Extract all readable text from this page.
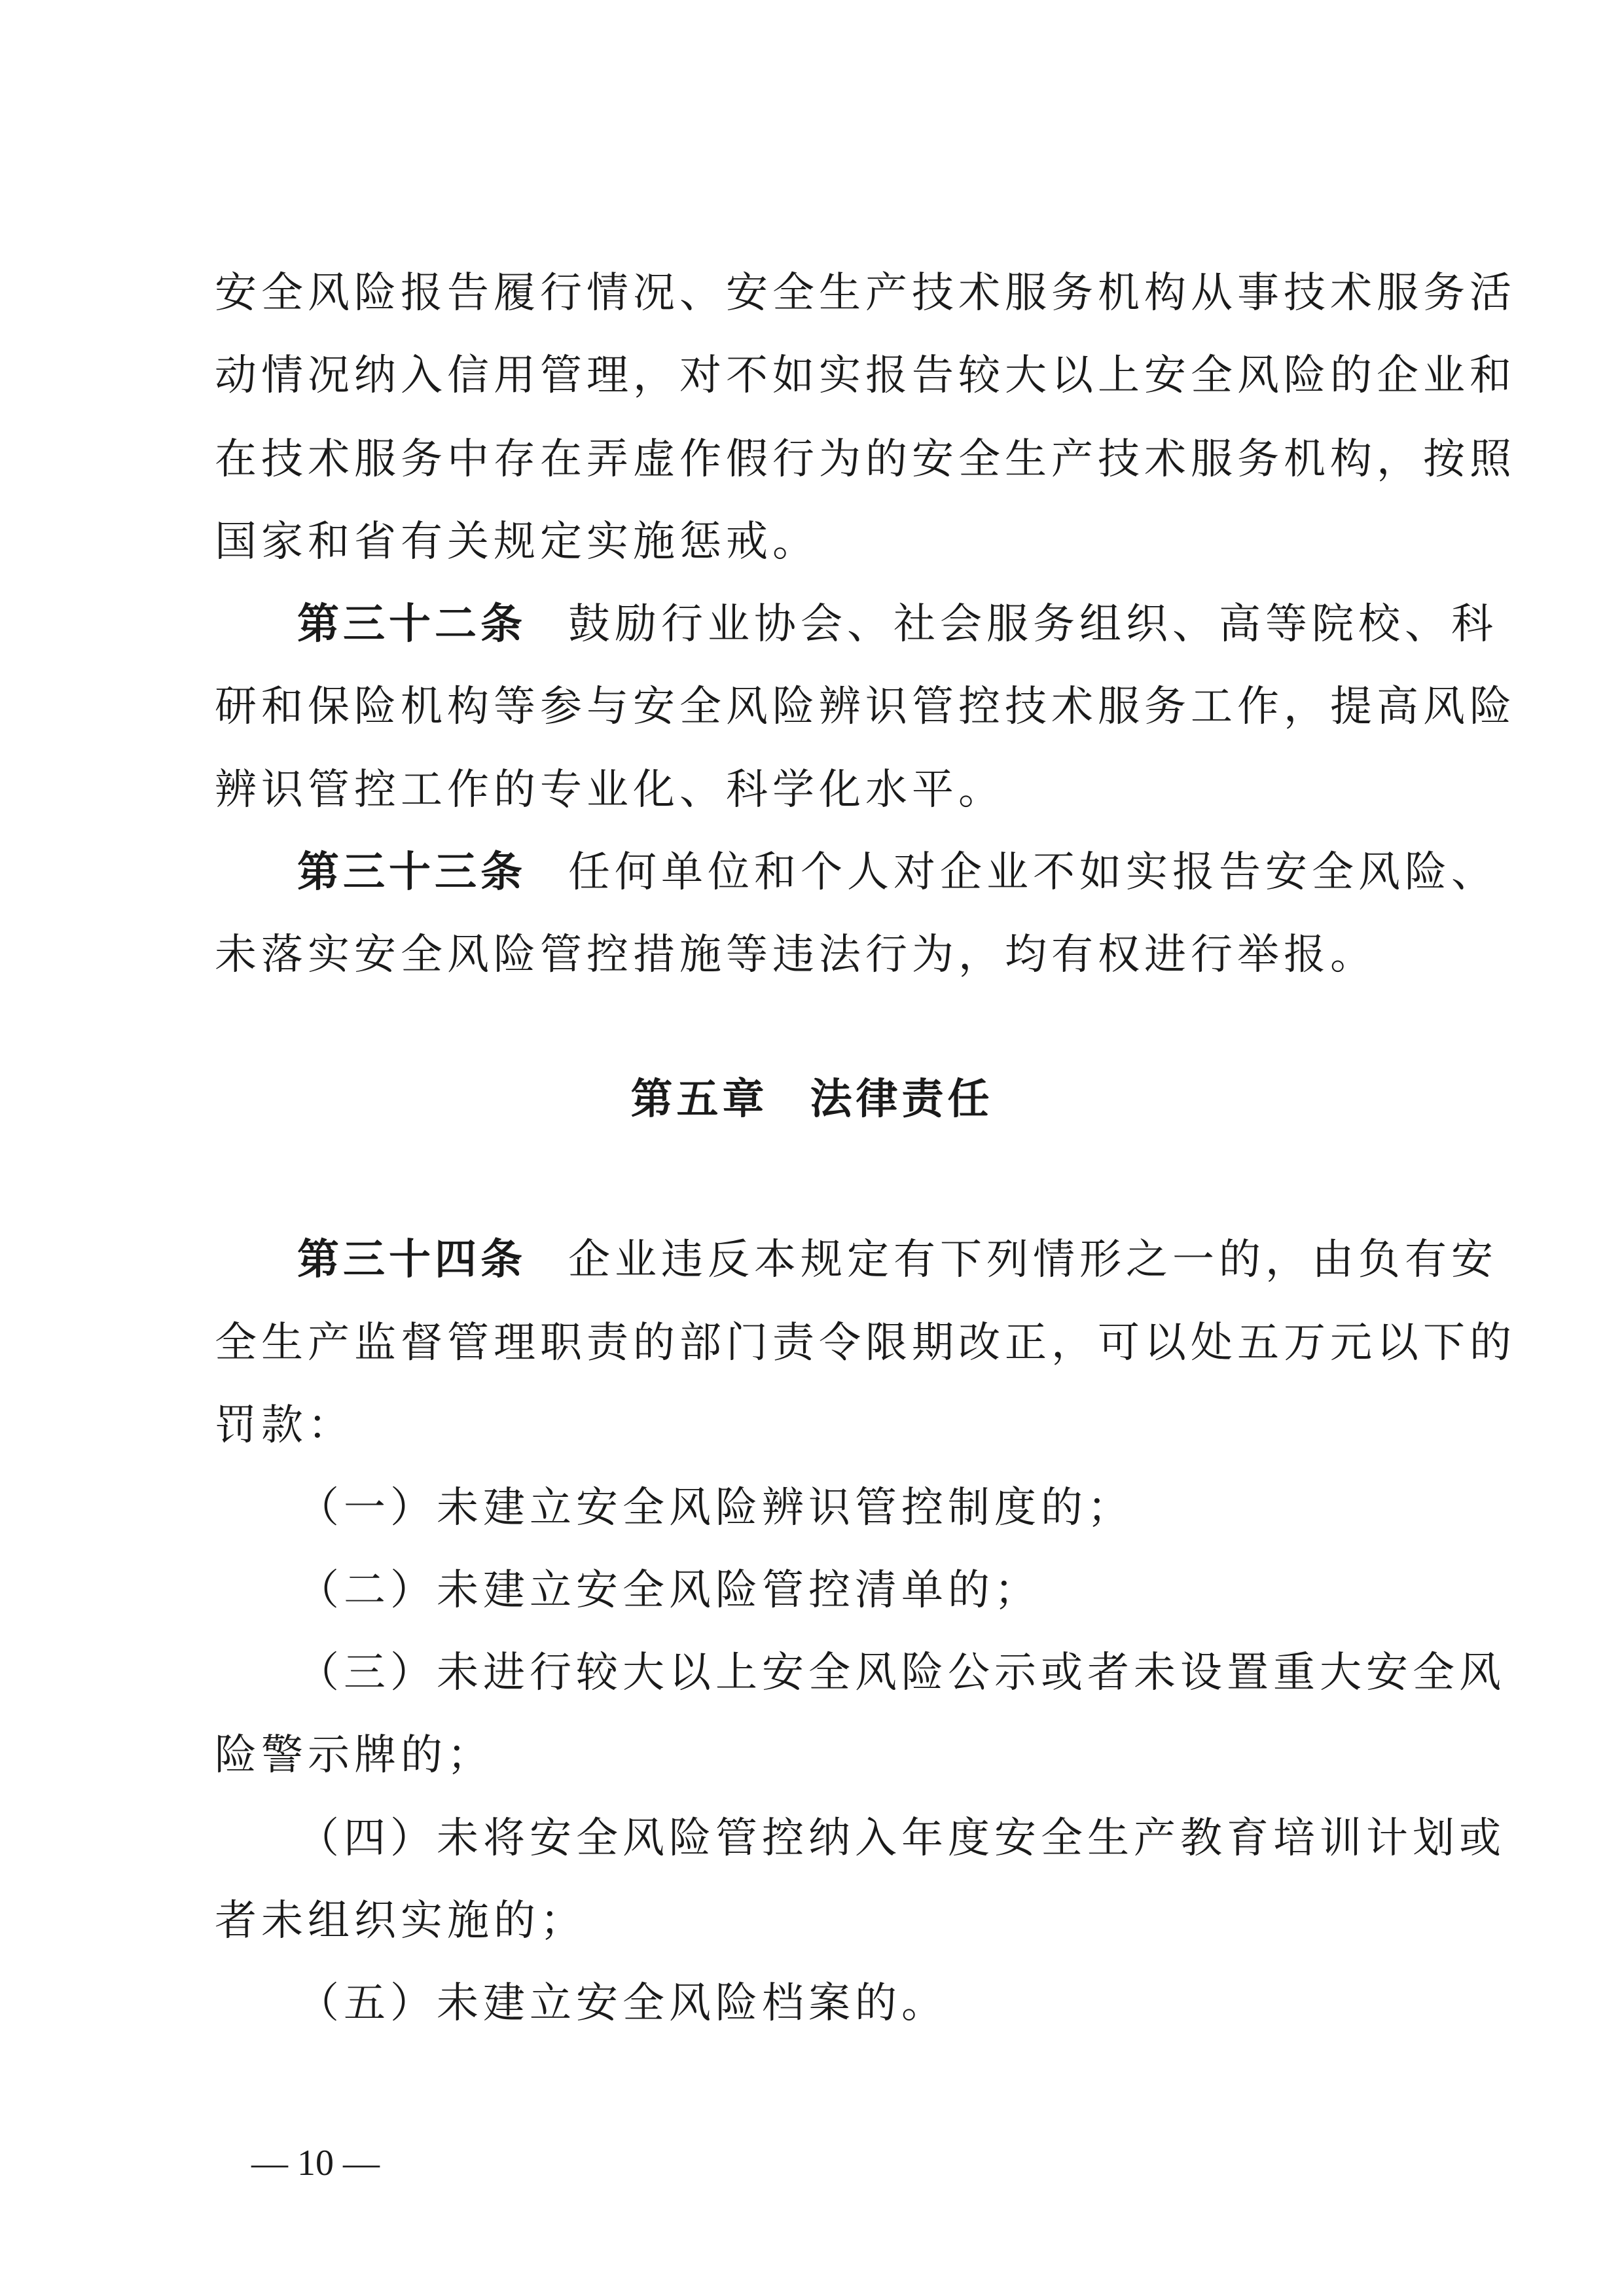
安全风险报告履行情况、安全生产技术服务机构从事技术服务活
动情况纳入信用管理，对不如实报告较大以上安全风险的企业和
在技术服务中存在弄虚作假行为的安全生产技术服务机构，按照
国家和省有关规定实施惩戒。
第三十二条 鼓励行业协会、社会服务组织、高等院校、科
研和保险机构等参与安全风险辨识管控技术服务工作，提高风险
辨识管控工作的专业化、科学化水平。
第三十三条 任何单位和个人对企业不如实报告安全风险、
未落实安全风险管控措施等违法行为，均有权进行举报。
第三十四条 企业违反本规定有下列情形之一的，由负有安
全生产监督管理职责的部门责令限期改正，可以处五万元以下的
罚款：
（一）未建立安全风险辨识管控制度的；
（二）未建立安全风险管控清单的；
（三）未进行较大以上安全风险公示或者未设置重大安全风
险警示牌的；
（四）未将安全风险管控纳入年度安全生产教育培训计划或
者未组织实施的；
（五）未建立安全风险档案的。
第五章 法律责任
— 10 —
